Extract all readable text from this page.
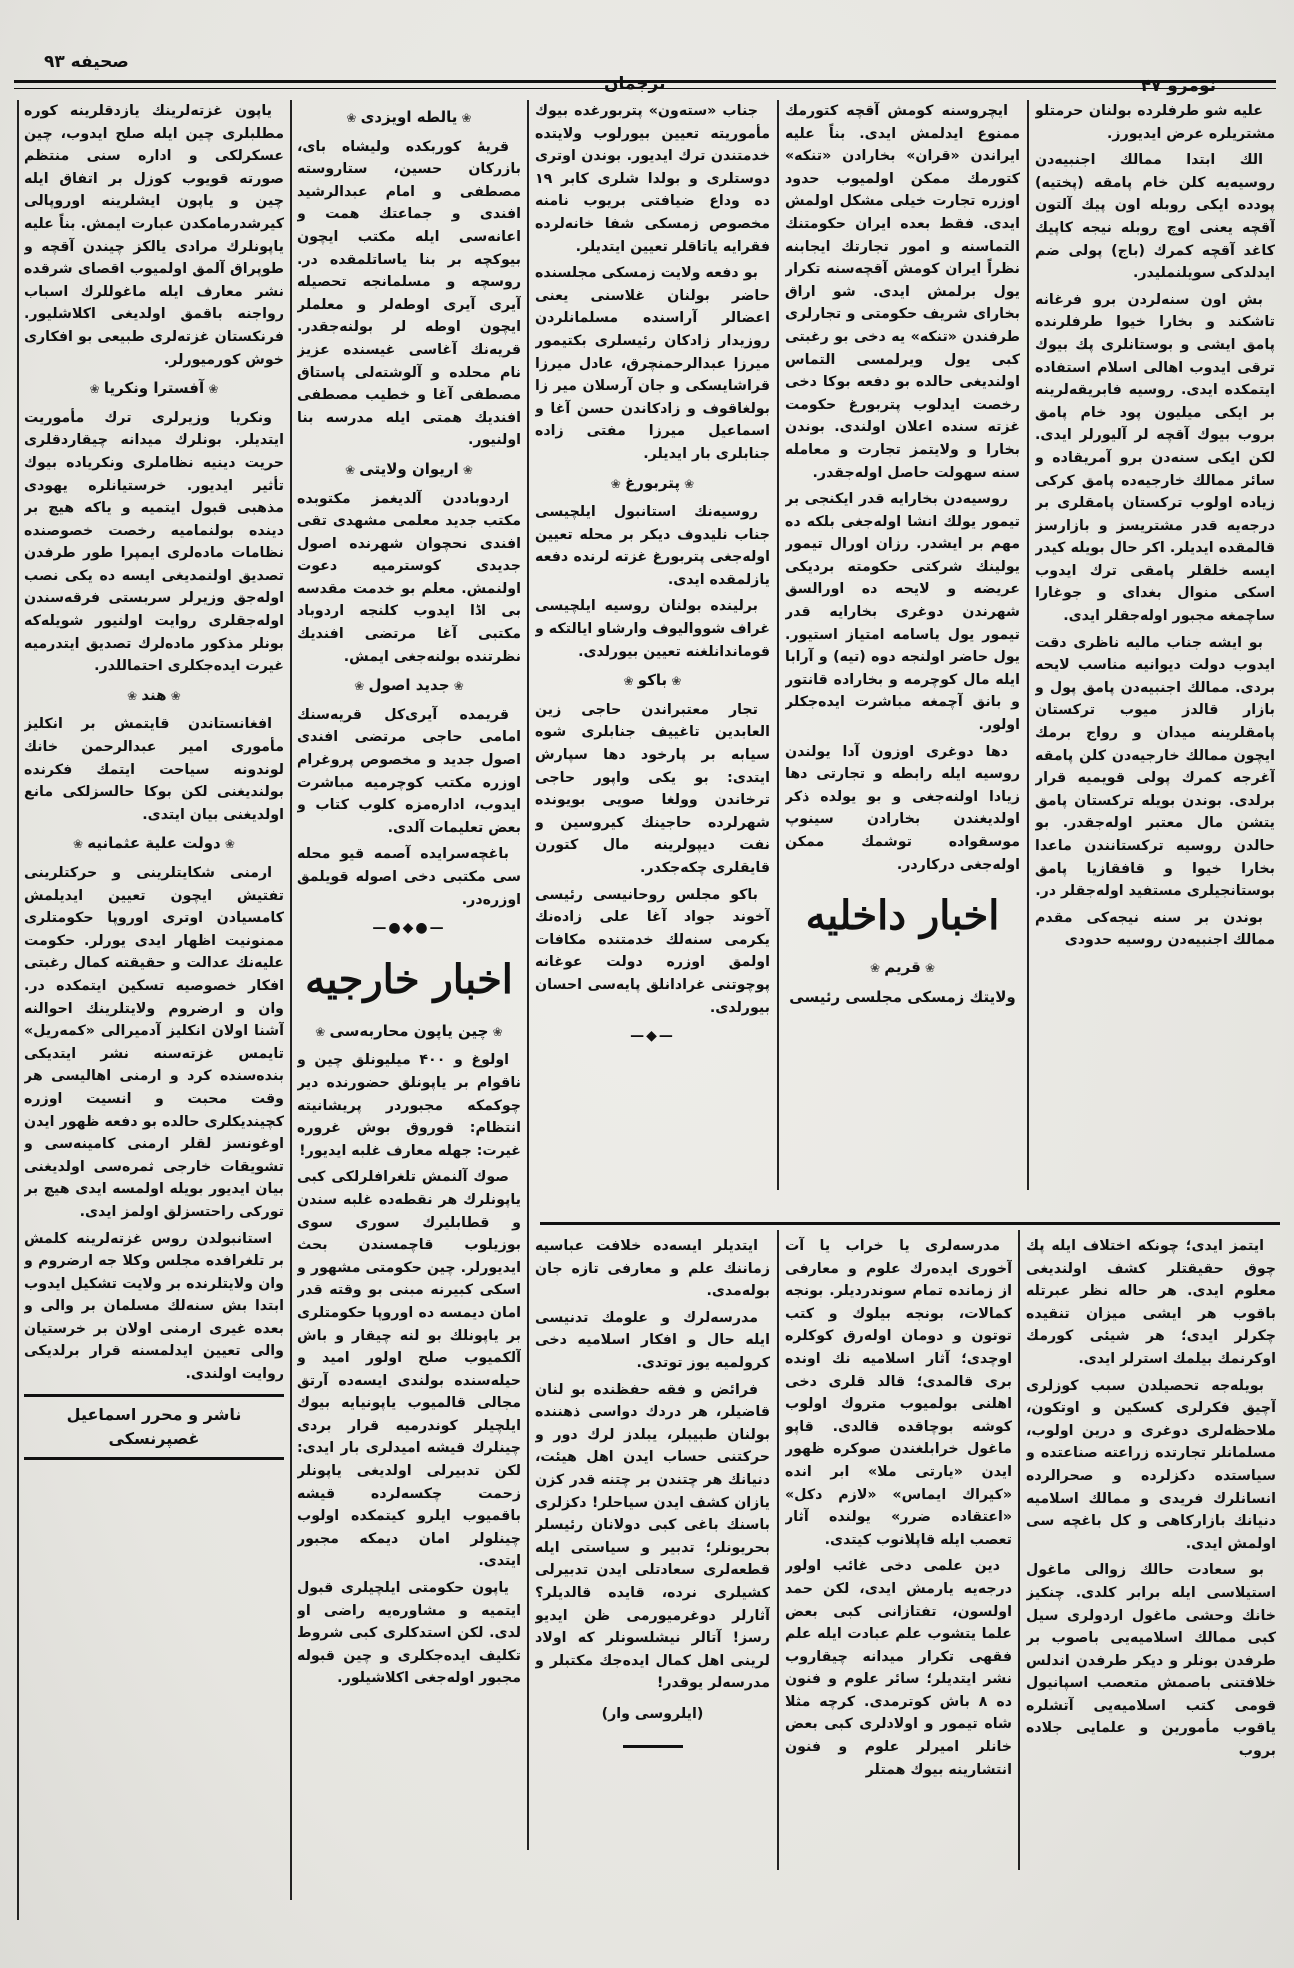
نومرو ۴۷
ترجمان
صحيفه ۹۳

عليه شو طرفلرده بولنان حرمتلو مشتريلره عرض ايديورز.

الك ابتدا ممالك اجنبيه‌دن روسيه‌يه كلن خام پامقه (پختيه) پودده ايكى روبله اون پيك آلتون آقچه يعنى اوچ روبله نيجه كاپيك كاغد آقچه كمرك (باج) پولى ضم ايدلدكى سويلنمليدر.

بش اون سنه‌لردن برو فرغانه تاشكند و بخارا خيوا طرفلرنده پامق ايشى و بوستانلرى پك بيوك ترقى ايدوب اهالى اسلام استفاده ايتمكده ايدى. روسيه فابريقه‌لرينه بر ايكى ميليون پود خام پامق بروب بيوك آقچه لر آليورلر ايدى. لكن ايكى سنه‌دن برو آمريقاده و سائر ممالك خارجيه‌ده پامق كركى زياده اولوب تركستان پامقلرى بر درجه‌يه قدر مشتريسز و بازارسز قالمقده ايديلر. اكر حال بويله كيدر ايسه خلقلر پامقى ترك ايدوب اسكى منوال بغداى و جوغارا ساچمغه مجبور اوله‌جقلر ايدى.

بو ايشه جناب ماليه ناظرى دقت ايدوب دولت ديوانيه مناسب لايحه بردى. ممالك اجنبيه‌دن پامق پول و بازار قالدز ميوب تركستان پامقلرينه ميدان و رواج برمك ايچون ممالك خارجيه‌دن كلن پامقه آغرجه كمرك پولى قويميه قرار برلدى. بوندن بويله تركستان پامق يتشن مال معتبر اوله‌جقدر. بو حالدن روسيه تركستانندن ماعدا بخارا خيوا و قافقازيا پامق بوستانجيلرى مستفيد اوله‌جقلر در.

بوندن بر سنه نيجه‌كى مقدم ممالك اجنبيه‌دن روسيه حدودى

ايچروسنه كومش آقچه كتورمك ممنوع ايدلمش ايدى. بناً عليه ايراندن «قران» بخارادن «تنكه» كتورمك ممكن اولميوب حدود اوزره تجارت خيلى مشكل اولمش ايدى. فقط بعده ايران حكومتنك التماسنه و امور تجارتك ايجابنه نظراً ايران كومش آقچه‌سنه تكرار يول برلمش ايدى. شو اراق بخاراى شريف حكومتى و تجارلرى طرفندن «تنكه» يه دخى بو رغبتى كبى يول ويرلمسى التماس اولنديغى حالده بو دفعه بوكا دخى رخصت ايدلوب پتربورغ حكومت غزته سنده اعلان اولندى. بوندن بخارا و ولايتمز تجارت و معامله سنه سهولت حاصل اوله‌جقدر.

روسيه‌دن بخارايه قدر ايكنجى بر تيمور يولك انشا اوله‌جغى بلكه ده مهم بر ايشدر. رزان اورال تيمور يولينك شركتى حكومته برديكى عريضه و لايحه ده اورالسق شهرندن دوغرى بخارايه قدر تيمور يول ياسامه امتياز استيور. يول حاضر اولنجه دوه (تيه) و آرابا ايله مال كوچرمه و بخاراده قانتور و بانق آچمغه مباشرت ايده‌جكلر اولور.

دها دوغرى اوزون آدا يولندن روسيه ايله رابطه و تجارتى دها زيادا اولنه‌جغى و بو يولده ذكر اولديغندن بخارادن سينوپ موسقواده توشمك ممكن اوله‌جغى دركاردر.

اخبار داخليه
❀ قريم ❀
ولايتك زمسكى مجلسى رئيسى

جناب «سته‌ون» پتربورغده بيوك مأموريته تعيين بيورلوب ولايتده خدمتندن ترك ايديور. بوندن اوترى دوستلرى و بولدا شلرى كابر ۱۹ ده وداع ضيافتى بريوب نامنه مخصوص زمسكى شفا خانه‌لرده فقرايه ياتاقلر تعيين ايتديلر.

بو دفعه ولايت زمسكى مجلسنده حاضر بولنان غلاسنى يعنى اعضالر آراسنده مسلمانلردن روزيدار زادكان رئيسلرى بكتيمور ميرزا عبدالرحمنچرق، عادل ميرزا قراشايسكى و جان آرسلان مير زا بولغاقوف و زادكاندن حسن آغا و اسماعيل ميرزا مفتى زاده جنابلرى بار ايديلر.

❀ پتربورغ ❀

روسيه‌نك استانبول ايلچيسى جناب نليدوف ديكر بر محله تعيين اوله‌جغى پتربورغ غزته لرنده دفعه يازلمقده ايدى.

برلينده بولنان روسيه ايلچيسى غراف شوواليوف وارشاو ايالتكه و قوماندانلغنه تعيين بيورلدى.

❀ باكو ❀

تجار معتبراندن حاجى زين العابدين تاغييف جنابلرى شوه سيابه بر پارخود دها سپارش ايتدى: بو يكى واپور حاجى ترخاندن وولغا صويى بويونده شهرلرده حاجينك كيروسين و نفت ديپولرينه مال كتورن قايقلرى چكه‌جكدر.

باكو مجلس روحانيسى رئيسى آخوند جواد آغا على زاده‌نك يكرمى سنه‌لك خدمتنده مكافات اولمق اوزره دولت عوغانه پوچوتنى غرادانلق پايه‌سى احسان بيورلدى.

—◆—
❀ يالطه اويزدى ❀

قريهٔ كوربكده وليشاه باى، بازركان حسين، ستاروسته مصطفى و امام عبدالرشيد افندى و جماعتك همت و اعانه‌سى ايله مكتب ايچون بيوكچه بر بنا ياساتلمقده در. روسچه و مسلمانجه تحصيله آيرى آيرى اوطه‌لر و معلملر ايچون اوطه لر بولنه‌جقدر. قريه‌نك آغاسى غيسنده عزيز نام محلده و آلوشته‌لى پاستاق مصطفى آغا و خطيب مصطفى افنديك همتى ايله مدرسه بنا اولنيور.

❀ اريوان ولايتى ❀

اردوباددن آلديغمز مكتوبده مكتب جديد معلمى مشهدى تقى افندى نحچوان شهرنده اصول جديدى كوسترميه دعوت اولنمش. معلم بو خدمت مقدسه بى اڈا ايدوب كلنجه اردوباد مكتبى آغا مرتضى افنديك نظرتنده بولنه‌جغى ايمش.

❀ جديد اصول ❀

قريمده آيرى‌كل قريه‌سنك امامى حاجى مرتضى افندى اصول جديد و مخصوص پروغرام اوزره مكتب كوچرميه مباشرت ايدوب، اداره‌مزه كلوب كتاب و بعض تعليمات آلدى.

باغچه‌سرايده آصمه قيو محله سى مكتبى دخى اصوله قويلمق اوزره‌در.

—●◆●—
اخبار خارجيه
❀ چين ياپون محاربه‌سى ❀

اولوغ و ۴۰۰ ميليونلق چين و ناقوام بر ياپونلق حضورنده دير چوكمكه مجبوردر پريشانيته انتظام: قوروق بوش غروره غيرت: جهله معارف غلبه ايديور!

صوك آلنمش تلغرافلرلكى كبى ياپونلرك هر نقطه‌ده غلبه سندن و قطابليرك سورى سوى بوزيلوب قاچمسندن بحث ايديورلر. چين حكومتى مشهور و اسكى كبيرنه مبنى بو وقته قدر امان ديمسه ده اوروپا حكومتلرى بر ياپونلك بو لنه چيقار و باش آلكميوب صلح اولور اميد و حيله‌سنده بولندى ايسه‌ده آرتق مجالى قالميوب ياپونيايه بيوك ايلچيلر كوندرميه قرار بردى چينلرك قيشه اميدلرى بار ايدى: لكن تدبيرلى اولديغى ياپونلر زحمت چكسه‌لرده قيشه باقميوب ايلرو كيتمكده اولوب چينلولر امان ديمكه مجبور ايتدى.

ياپون حكومتى ايلچيلرى قبول ايتميه و مشاوره‌يه راضى او لدى. لكن استدكلرى كبى شروط تكليف ايده‌جكلرى و چين قبوله مجبور اوله‌جغى اكلاشيلور.

ياپون غزته‌لرينك يازدقلرينه كوره مطلبلرى چين ايله صلح ايدوب، چين عسكرلكى و اداره سنى منتظم صورته قويوب كوزل بر اتفاق ايله چين و ياپون ايشلرينه اوروپالى كيرشدرمامكدن عبارت ايمش. بناً عليه ياپونلرك مرادى يالكز چيندن آقچه و طوپراق آلمق اولميوب اقصاى شرقده نشر معارف ايله ماغوللرك اسباب رواجنه باقمق اولديغى اكلاشليور. فرنكستان غزته‌لرى طبيعى بو افكارى خوش كورميورلر.

❀ آفسترا ونكريا ❀

ونكريا وزيرلرى ترك مأموريت ايتديلر. بونلرك ميدانه چيقاردقلرى حريت دينيه نظاملرى ونكرياده بيوك تأثير ايديور. خرستيانلره يهودى مذهبى قبول ايتميه و ياكه هيچ بر دينده بولنماميه رخصت خصوصنده نظامات ماده‌لرى ايمپرا طور طرفدن تصديق اولنمديغى ايسه ده يكى نصب اوله‌جق وزيرلر سربستى فرقه‌سندن اوله‌جقلرى روايت اولنيور شويله‌كه بونلر مذكور ماده‌لرك تصديق ايتدرميه غيرت ايده‌جكلرى احتماللدر.

❀ هند ❀

افغانستاندن قايتمش بر انكليز مأمورى امير عبدالرحمن خانك لوندونه سياحت ايتمك فكرنده بولنديغنى لكن بوكا حالسزلكى مانع اولديغنى بيان ايتدى.

❀ دولت علية عثمانيه ❀

ارمنى شكايتلرينى و حركتلرينى تفتيش ايچون تعيين ايديلمش كامسيادن اوترى اوروپا حكومتلرى ممنونيت اظهار ايدى يورلر. حكومت عليه‌نك عدالت و حقيقته كمال رغبتى افكار خصوصيه تسكين ايتمكده در. وان و ارضروم ولايتلرينك احوالنه آشنا اولان انكليز آدميرالى «كمه‌ريل» تايمس غزته‌سنه نشر ايتديكى بنده‌سنده كرد و ارمنى اهاليسى هر وقت محبت و انسيت اوزره كچينديكلرى حالده بو دفعه ظهور ايدن اوغونسز لقلر ارمنى كامينه‌سى و تشويقات خارجى ثمره‌سى اولديغنى بيان ايديور بويله اولمسه ايدى هيچ بر توركى راحتسزلق اولمز ايدى.

استانبولدن روس غزته‌لرينه كلمش بر تلغرافده مجلس وكلا جه ارضروم و وان ولايتلرنده بر ولايت تشكيل ايدوب ابتدا بش سنه‌لك مسلمان بر والى و بعده غيرى ارمنى اولان بر خرستيان والى تعيين ايدلمسنه قرار برلديكى روايت اولندى.

ناشر و محرر اسماعيل غصپرنسكى

ايتمز ايدى؛ چونكه اختلاف ايله پك چوق حقيقتلر كشف اولنديغى معلوم ايدى. هر حاله نظر عبرتله باقوب هر ايشى ميزان تنقيده چكرلر ايدى؛ هر شيئى كورمك اوكرنمك بيلمك استرلر ايدى.

بويله‌جه تحصيلدن سبب كوزلرى آچيق فكرلرى كسكين و اوتكون، ملاحظه‌لرى دوغرى و درين اولوب، مسلمانلر تجارتده زراعته صناعتده و سياستده دكزلرده و صحرالرده انسانلرك فريدى و ممالك اسلاميه دنيانك بازاركاهى و كل باغچه سى اولمش ايدى.

بو سعادت حالك زوالى ماغول استيلاسى ايله برابر كلدى. چنكيز خانك وحشى ماغول اردولرى سيل كبى ممالك اسلاميه‌يى باصوب بر طرفدن بونلر و ديكر طرفدن اندلس خلافتنى باصمش متعصب اسپانيول قومى كتب اسلاميه‌يى آتشلره ياقوب مأمورين و علمايى جلاده بروب

مدرسه‌لرى يا خراب يا آت آخورى ايده‌رك علوم و معارفى از زمانده تمام سوندرديلر. بونجه كمالات، بونجه بيلوك و كتب توتون و دومان اوله‌رق كوكلره اوچدى؛ آثار اسلاميه نك اونده برى قالمدى؛ قالد قلرى دخى اهلنى بولميوب متروك اولوب كوشه بوچاقده قالدى. قاپو ماغول خرابلغندن صوكره ظهور ايدن «يارتى ملا» ابر انده «كيراك ايماس» «لازم دكل» «اعتقاده ضرر» يولنده آثار تعصب ايله قاپلانوب كيتدى.

دين علمى دخى غائب اولور درجه‌يه يارمش ايدى، لكن حمد اولسون، تفتازانى كبى بعض علما يتشوب علم عبادت ايله علم فقهى تكرار ميدانه چيقاروب نشر ايتديلر؛ سائر علوم و فنون ده ۸ باش كوترمدى. كرچه مثلا شاه تيمور و اولادلرى كبى بعض خانلر اميرلر علوم و فنون انتشارينه بيوك همتلر

ايتديلر ايسه‌ده خلافت عباسيه زماننك علم و معارفى تازه جان بوله‌مدى.

مدرسه‌لرك و علومك تدنيسى ايله حال و افكار اسلاميه دخى كرولميه يوز توتدى.

فرائض و فقه حفظنده بو لنان قاضيلر، هر دردك دواسى ذهننده بولنان طبيبلر، يبلدز لرك دور و حركتنى حساب ايدن اهل هيئت، دنيانك هر چتندن بر چتنه قدر كزن يازان كشف ايدن سياحلر! دكزلرى باسنك باغى كبى دولانان رئيسلر بحريونلر؛ تدبير و سياستى ايله قطعه‌لرى سعادتلى ايدن تدبيرلى كشيلرى نرده، قايده قالديلر؟ آثارلر دوغرميورمى ظن ايديو رسز! آتالر نيشلسونلر كه اولاد لرينى اهل كمال ايده‌جك مكتبلر و مدرسه‌لر يوقدر!

(ايلروسى وار)
